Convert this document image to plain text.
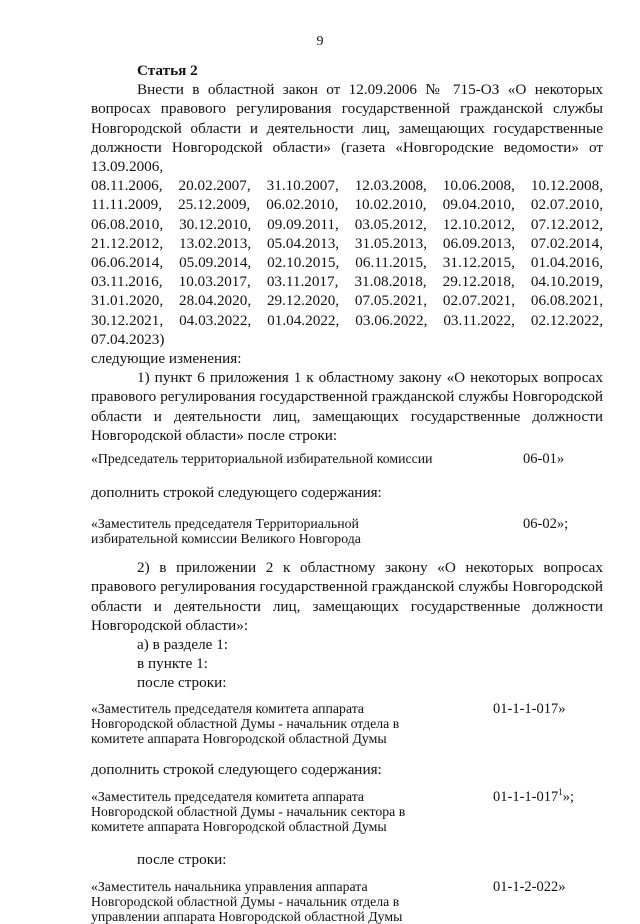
9

Статья 2

Внести в областной закон от 12.09.2006 № 715-ОЗ «О некоторых вопросах правового регулирования государственной гражданской службы Новгородской области и деятельности лиц, замещающих государственные должности Новгородской области» (газета «Новгородские ведомости» от 13.09.2006,

08.11.2006, 20.02.2007, 31.10.2007, 12.03.2008, 10.06.2008, 10.12.2008, 11.11.2009, 25.12.2009, 06.02.2010, 10.02.2010, 09.04.2010, 02.07.2010, 06.08.2010, 30.12.2010, 09.09.2011, 03.05.2012, 12.10.2012, 07.12.2012, 21.12.2012, 13.02.2013, 05.04.2013, 31.05.2013, 06.09.2013, 07.02.2014, 06.06.2014, 05.09.2014, 02.10.2015, 06.11.2015, 31.12.2015, 01.04.2016, 03.11.2016, 10.03.2017, 03.11.2017, 31.08.2018, 29.12.2018, 04.10.2019, 31.01.2020, 28.04.2020, 29.12.2020, 07.05.2021, 02.07.2021, 06.08.2021, 30.12.2021, 04.03.2022, 01.04.2022, 03.06.2022, 03.11.2022, 02.12.2022, 07.04.2023)

следующие изменения:

1) пункт 6 приложения 1 к областному закону «О некоторых вопросах правового регулирования государственной гражданской службы Новгородской области и деятельности лиц, замещающих государственные должности Новгородской области» после строки:

«Председатель территориальной избирательной комиссии	06-01»

дополнить строкой следующего содержания:

«Заместитель председателя Территориальной избирательной комиссии Великого Новгорода
06-02»;

2) в приложении 2 к областному закону «О некоторых вопросах правового регулирования государственной гражданской службы Новгородской области и деятельности лиц, замещающих государственные должности Новгородской области»:

а) в разделе 1:

в пункте 1:

после строки:

«Заместитель председателя комитета аппарата Новгородской областной Думы - начальник отдела в комитете аппарата Новгородской областной Думы
01-1-1-017»

дополнить строкой следующего содержания:

«Заместитель председателя комитета аппарата Новгородской областной Думы - начальник сектора в комитете аппарата Новгородской областной Думы
$01-1-1-017^1$»;

после строки:

«Заместитель начальника управления аппарата Новгородской областной Думы - начальник отдела в управлении аппарата Новгородской областной Думы
01-1-2-022»
